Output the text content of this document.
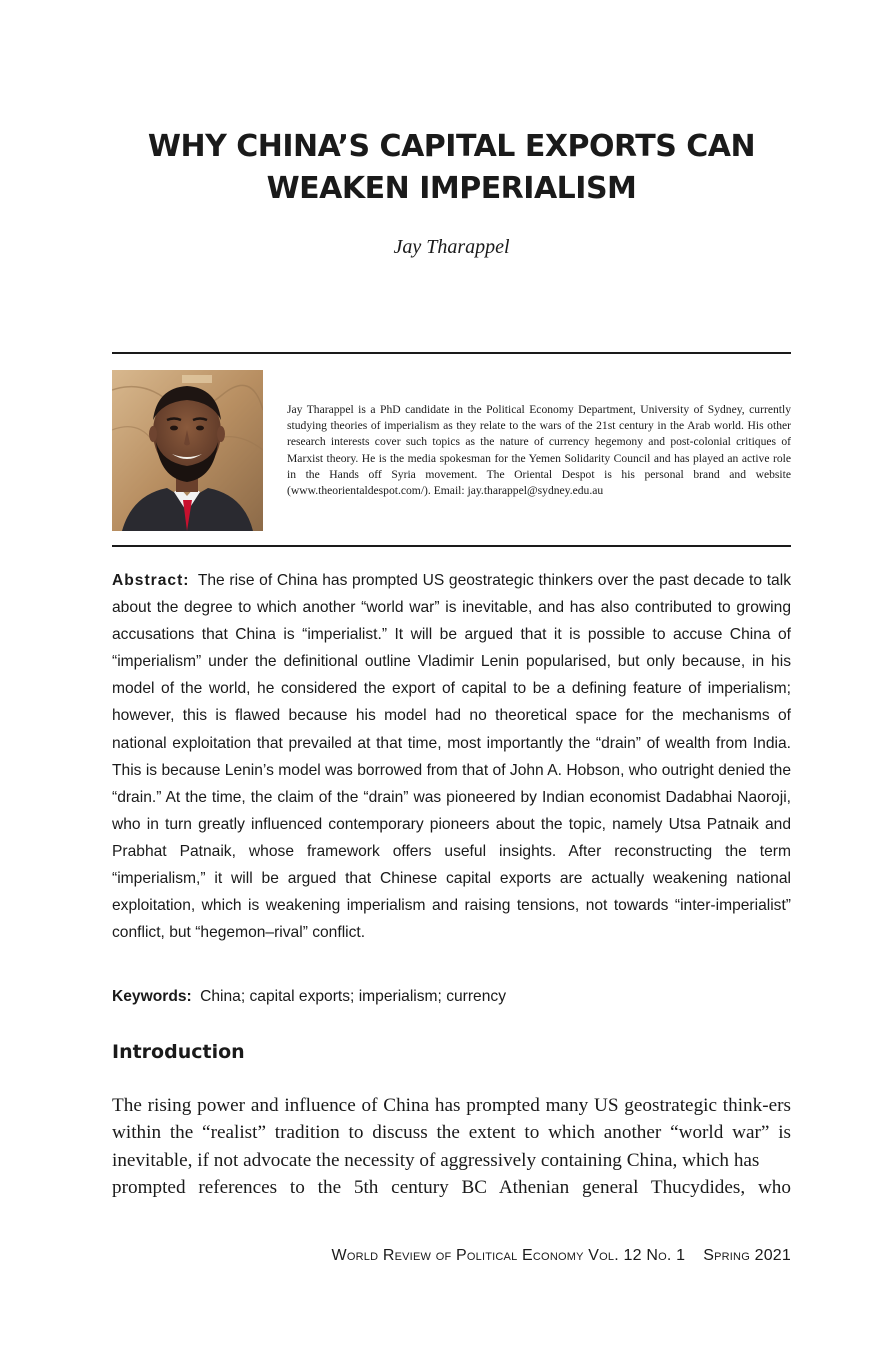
WHY CHINA’S CAPITAL EXPORTS CAN
WEAKEN IMPERIALISM
Jay Tharappel
Jay Tharappel is a PhD candidate in the Political Economy Department, University of Sydney, currently studying theories of imperialism as they relate to the wars of the 21st century in the Arab world. His other research interests cover such topics as the nature of currency hegemony and post-colonial critiques of Marxist theory. He is the media spokesman for the Yemen Solidarity Council and has played an active role in the Hands off Syria movement. The Oriental Despot is his personal brand and website (www.theorientaldespot.com/). Email: jay.tharappel@sydney.edu.au
Abstract: The rise of China has prompted US geostrategic thinkers over the past decade to talk about the degree to which another “world war” is inevitable, and has also contributed to growing accusations that China is “imperialist.” It will be argued that it is possible to accuse China of “imperialism” under the definitional outline Vladimir Lenin popularised, but only because, in his model of the world, he considered the export of capital to be a defining feature of imperialism; however, this is flawed because his model had no theoretical space for the mechanisms of national exploitation that prevailed at that time, most importantly the “drain” of wealth from India. This is because Lenin’s model was borrowed from that of John A. Hobson, who outright denied the “drain.” At the time, the claim of the “drain” was pioneered by Indian economist Dadabhai Naoroji, who in turn greatly influenced contemporary pioneers about the topic, namely Utsa Patnaik and Prabhat Patnaik, whose framework offers useful insights. After reconstructing the term “imperialism,” it will be argued that Chinese capital exports are actually weakening national exploitation, which is weakening imperialism and raising tensions, not towards “inter-imperialist” conflict, but “hegemon–rival” conflict.
Keywords: China; capital exports; imperialism; currency
Introduction
The rising power and influence of China has prompted many US geostrategic think-ers within the “realist” tradition to discuss the extent to which another “world war” is inevitable, if not advocate the necessity of aggressively containing China, which has
prompted references to the 5th century BC Athenian general Thucydides, who
World Review of Political Economy Vol. 12 No. 1 Spring 2021
